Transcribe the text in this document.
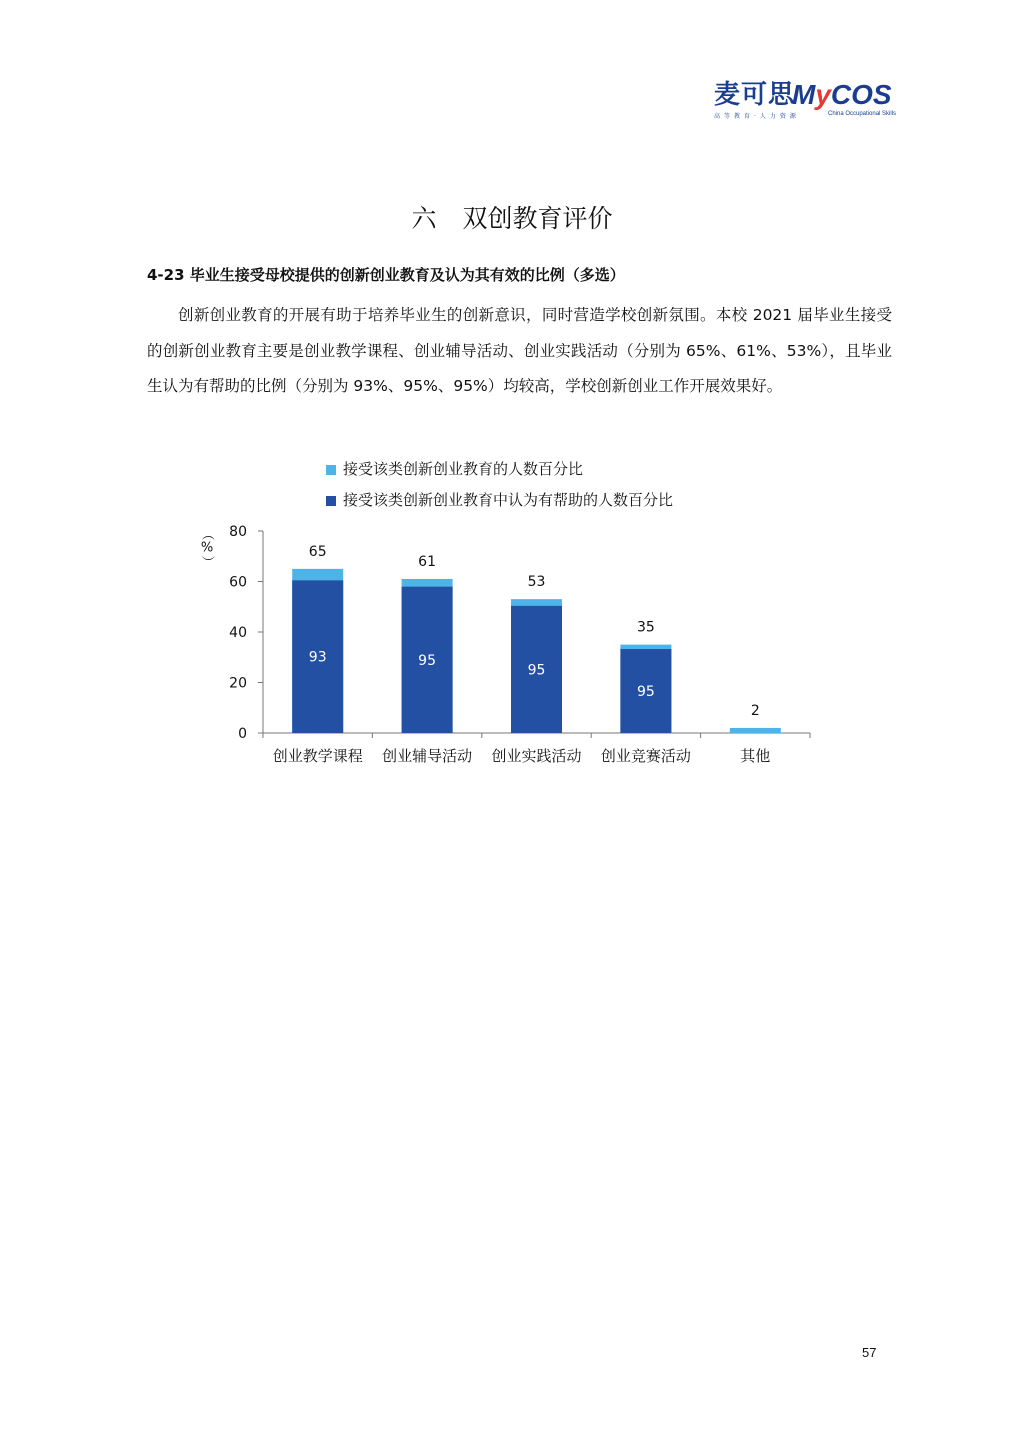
麦可思
MyCOS
高等教育·人力资源	China Occupational Skills
六 双创教育评价
4-23 毕业生接受母校提供的创新创业教育及认为其有效的比例（多选）

创新创业教育的开展有助于培养毕业生的创新意识，同时营造学校创新氛围。本校 2021 届毕业生接受的创新创业教育主要是创业教学课程、创业辅导活动、创业实践活动（分别为 65%、61%、53%），且毕业生认为有帮助的比例（分别为 93%、95%、95%）均较高，学校创新创业工作开展效果好。

接受该类创新创业教育的人数百分比
接受该类创新创业教育中认为有帮助的人数百分比
0
20
40
60
80
（
%
）
65
93
创业教学课程
61
95
创业辅导活动
53
95
创业实践活动
35
95
创业竞赛活动
2
其他
57
